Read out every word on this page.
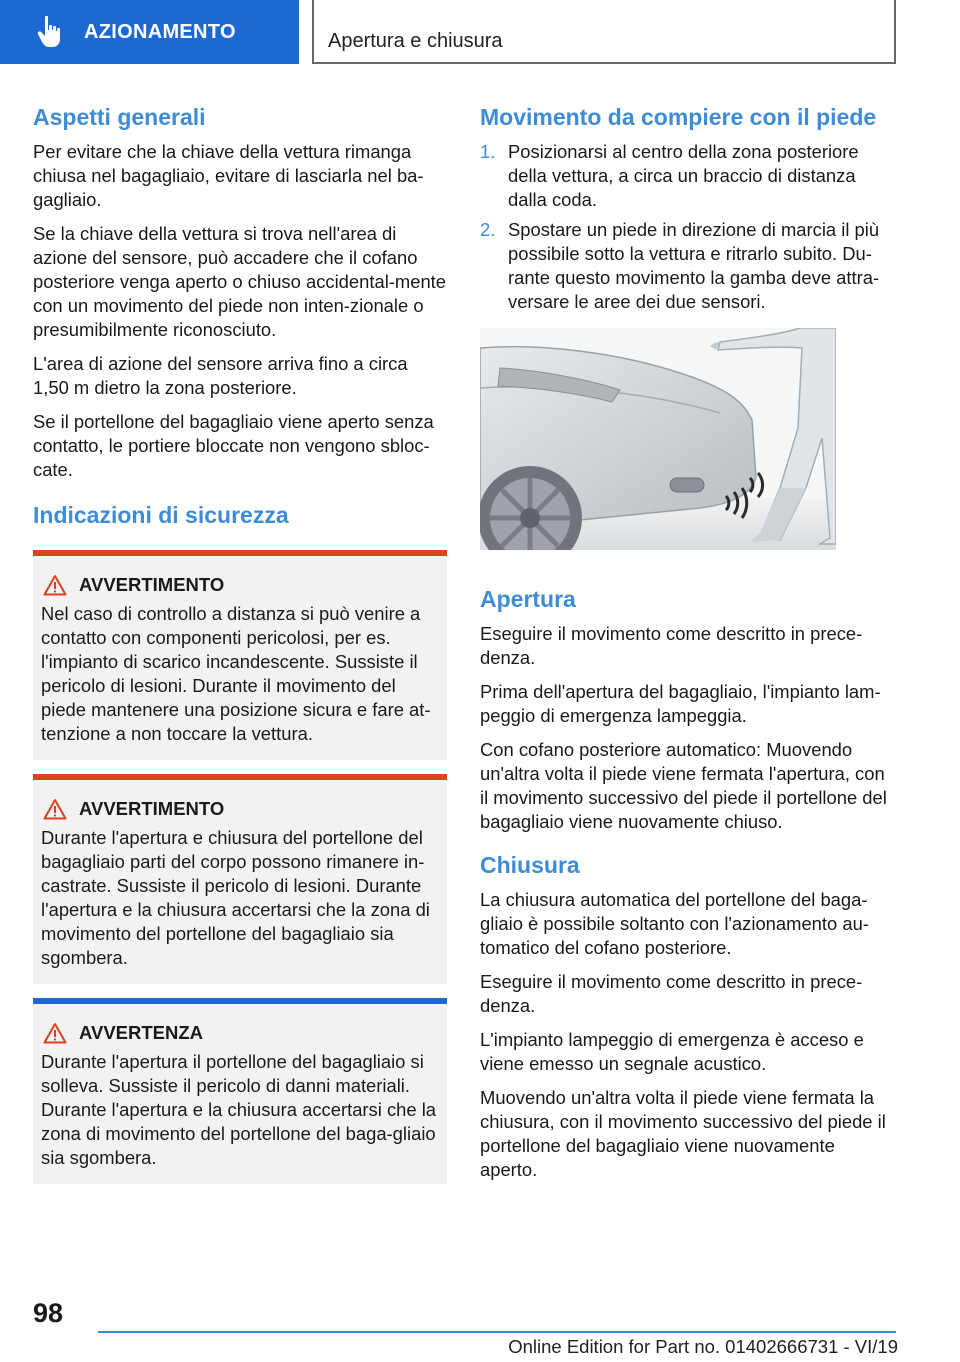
AZIONAMENTO	Apertura e chiusura
Aspetti generali

Per evitare che la chiave della vettura rimanga chiusa nel bagagliaio, evitare di lasciarla nel ba-gagliaio.

Se la chiave della vettura si trova nell'area di azione del sensore, può accadere che il cofano posteriore venga aperto o chiuso accidental-mente con un movimento del piede non inten-zionale o presumibilmente riconosciuto.

L'area di azione del sensore arriva fino a circa 1,50 m dietro la zona posteriore.

Se il portellone del bagagliaio viene aperto senza contatto, le portiere bloccate non vengono sbloc-cate.

Indicazioni di sicurezza
AVVERTIMENTO

Nel caso di controllo a distanza si può venire a contatto con componenti pericolosi, per es. l'impianto di scarico incandescente. Sussiste il pericolo di lesioni. Durante il movimento del piede mantenere una posizione sicura e fare at-tenzione a non toccare la vettura.

AVVERTIMENTO

Durante l'apertura e chiusura del portellone del bagagliaio parti del corpo possono rimanere in-castrate. Sussiste il pericolo di lesioni. Durante l'apertura e la chiusura accertarsi che la zona di movimento del portellone del bagagliaio sia sgombera.

AVVERTENZA

Durante l'apertura il portellone del bagagliaio si solleva. Sussiste il pericolo di danni materiali. Durante l'apertura e la chiusura accertarsi che la zona di movimento del portellone del baga-gliaio sia sgombera.

Movimento da compiere con il piede
1. Posizionarsi al centro della zona posteriore della vettura, a circa un braccio di distanza dalla coda.
2. Spostare un piede in direzione di marcia il più possibile sotto la vettura e ritrarlo subito. Du-rante questo movimento la gamba deve attra-versare le aree dei due sensori.
Apertura

Eseguire il movimento come descritto in prece-denza.

Prima dell'apertura del bagagliaio, l'impianto lam-peggio di emergenza lampeggia.

Con cofano posteriore automatico: Muovendo un'altra volta il piede viene fermata l'apertura, con il movimento successivo del piede il portellone del bagagliaio viene nuovamente chiuso.

Chiusura

La chiusura automatica del portellone del baga-gliaio è possibile soltanto con l'azionamento au-tomatico del cofano posteriore.

Eseguire il movimento come descritto in prece-denza.

L'impianto lampeggio di emergenza è acceso e viene emesso un segnale acustico.

Muovendo un'altra volta il piede viene fermata la chiusura, con il movimento successivo del piede il portellone del bagagliaio viene nuovamente aperto.

98
Online Edition for Part no. 01402666731 - VI/19
